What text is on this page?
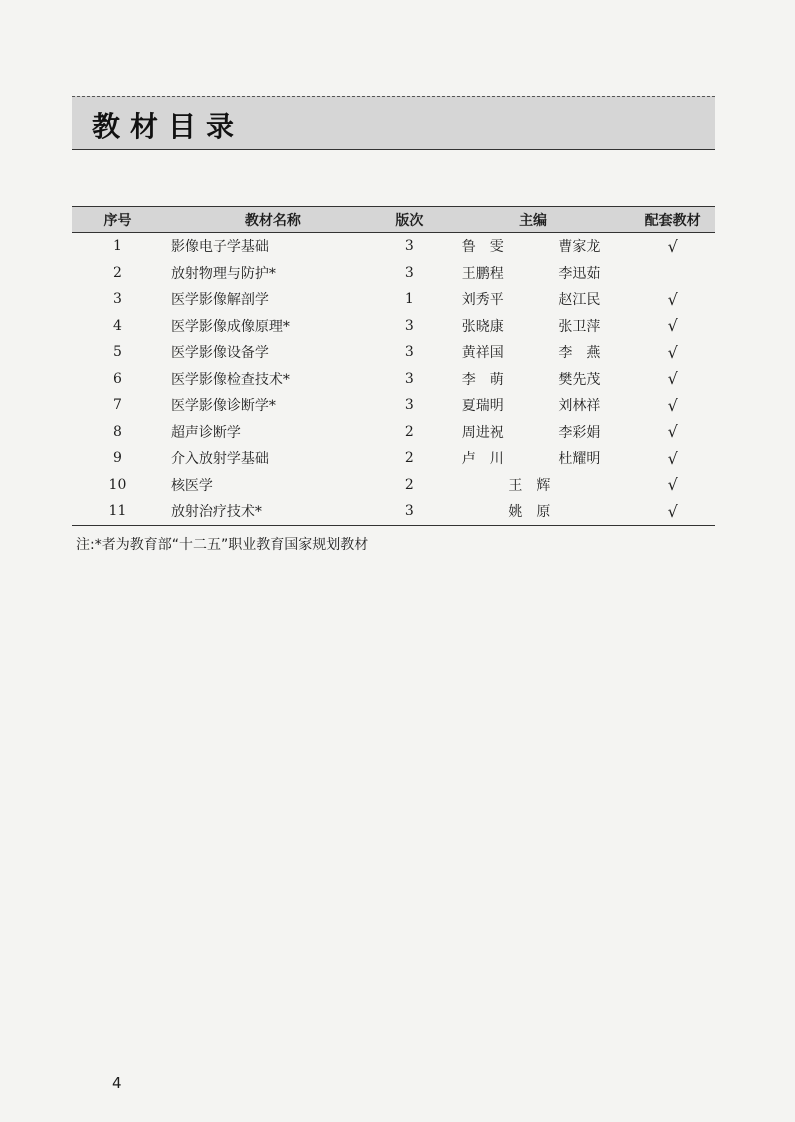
教材目录
序号	教材名称	版次	主编	配套教材
1	影像电子学基础	3	鲁　雯 曹家龙	√
2	放射物理与防护*	3	王鹏程 李迅茹	

3	医学影像解剖学	1	刘秀平 赵江民	√
4	医学影像成像原理*	3	张晓康 张卫萍	√
5	医学影像设备学	3	黄祥国 李　燕	√
6	医学影像检查技术*	3	李　萌 樊先茂	√
7	医学影像诊断学*	3	夏瑞明 刘林祥	√
8	超声诊断学	2	周进祝 李彩娟	√
9	介入放射学基础	2	卢　川 杜耀明	√
10	核医学	2	王　辉	√
11	放射治疗技术*	3	姚　原	√
注:*者为教育部“十二五”职业教育国家规划教材
4
